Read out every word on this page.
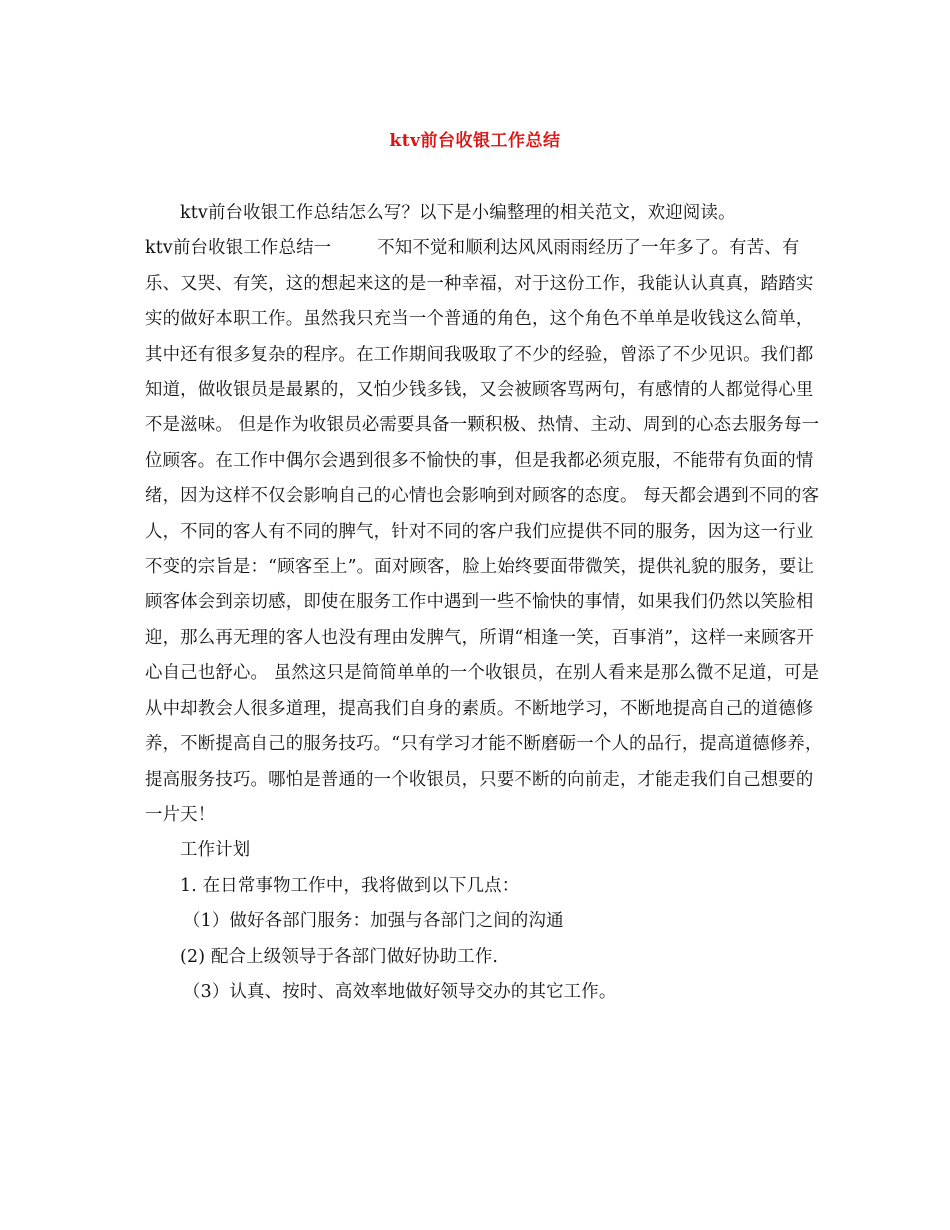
ktv前台收银工作总结

ktv前台收银工作总结怎么写？以下是小编整理的相关范文，欢迎阅读。

ktv前台收银工作总结一	不知不觉和顺利达风风雨雨经历了一年多了。有苦、有乐、又哭、有笑，这的想起来这的是一种幸福，对于这份工作，我能认认真真，踏踏实实的做好本职工作。虽然我只充当一个普通的角色，这个角色不单单是收钱这么简单，其中还有很多复杂的程序。在工作期间我吸取了不少的经验，曾添了不少见识。我们都知道，做收银员是最累的，又怕少钱多钱，又会被顾客骂两句，有感情的人都觉得心里不是滋味。 但是作为收银员必需要具备一颗积极、热情、主动、周到的心态去服务每一位顾客。在工作中偶尔会遇到很多不愉快的事，但是我都必须克服，不能带有负面的情绪，因为这样不仅会影响自己的心情也会影响到对顾客的态度。 每天都会遇到不同的客人，不同的客人有不同的脾气，针对不同的客户我们应提供不同的服务，因为这一行业不变的宗旨是：“顾客至上”。面对顾客，脸上始终要面带微笑，提供礼貌的服务，要让顾客体会到亲切感，即使在服务工作中遇到一些不愉快的事情，如果我们仍然以笑脸相迎，那么再无理的客人也没有理由发脾气，所谓“相逢一笑，百事消”，这样一来顾客开心自己也舒心。 虽然这只是简简单单的一个收银员，在别人看来是那么微不足道，可是从中却教会人很多道理，提高我们自身的素质。不断地学习，不断地提高自己的道德修养，不断提高自己的服务技巧。“只有学习才能不断磨砺一个人的品行，提高道德修养，提高服务技巧。哪怕是普通的一个收银员，只要不断的向前走，才能走我们自己想要的一片天！

工作计划

1. 在日常事物工作中，我将做到以下几点：

（1）做好各部门服务：加强与各部门之间的沟通

(2) 配合上级领导于各部门做好协助工作.

（3）认真、按时、高效率地做好领导交办的其它工作。
